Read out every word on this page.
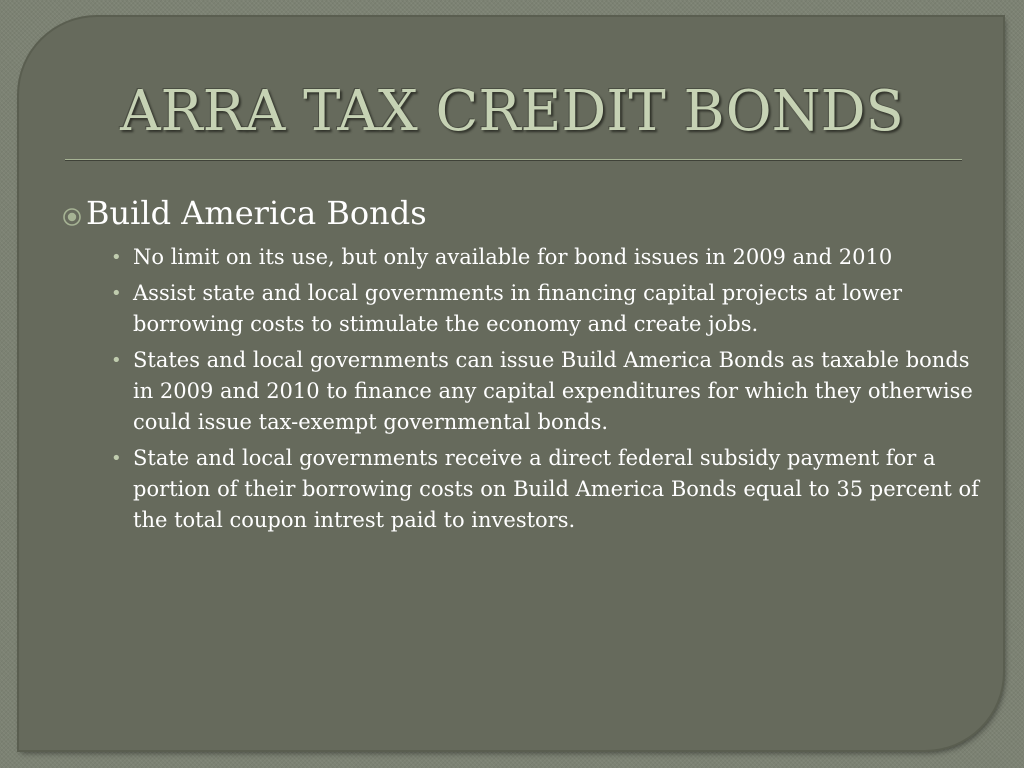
ARRA TAX CREDIT BONDS
Build America Bonds
• No limit on its use, but only available for bond issues in 2009 and 2010
• Assist state and local governments in financing capital projects at lower borrowing costs to stimulate the economy and create jobs.
• States and local governments can issue Build America Bonds as taxable bonds in 2009 and 2010 to finance any capital expenditures for which they otherwise could issue tax-exempt governmental bonds.
• State and local governments receive a direct federal subsidy payment for a portion of their borrowing costs on Build America Bonds equal to 35 percent of the total coupon intrest paid to investors.
